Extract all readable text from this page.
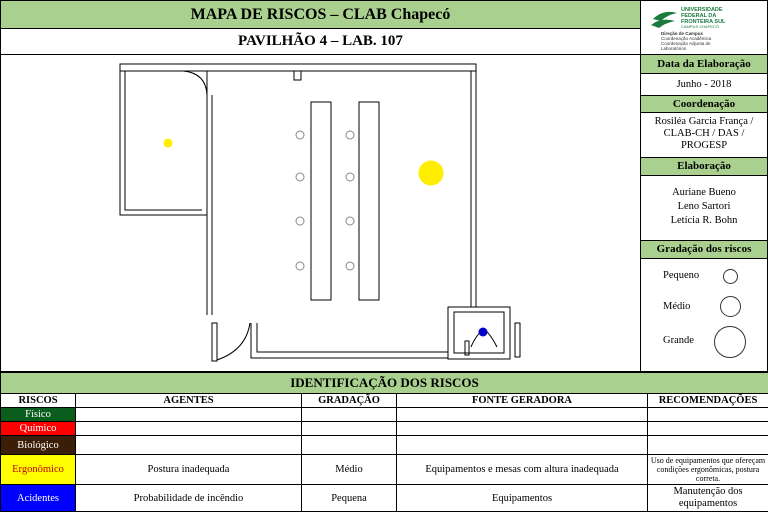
MAPA DE RISCOS – CLAB Chapecó
PAVILHÃO 4 – LAB. 107
UNIVERSIDADE
FEDERAL DA
FRONTEIRA SUL
CAMPUS CHAPECÓ
Direção de Campus
Coordenação Acadêmica
Coordenação Adjunta de
Laboratórios
Data da Elaboração
Junho - 2018
Coordenação
Rosiléa Garcia França /
CLAB-CH / DAS /
PROGESP
Elaboração
Auriane Bueno
Leno Sartori
Letícia R. Bohn
Gradação dos riscos
Pequeno
Médio
Grande
IDENTIFICAÇÃO DOS RISCOS				
RISCOS	AGENTES	GRADAÇÃO	FONTE GERADORA	RECOMENDAÇÕES
Físico				
Químico				
Biológico				
Ergonômico	Postura inadequada	Médio	Equipamentos e mesas com altura inadequada	Uso de equipamentos que ofereçam condições ergonômicas, postura correta.
Acidentes	Probabilidade de incêndio	Pequena	Equipamentos	Manutenção dos equipamentos
